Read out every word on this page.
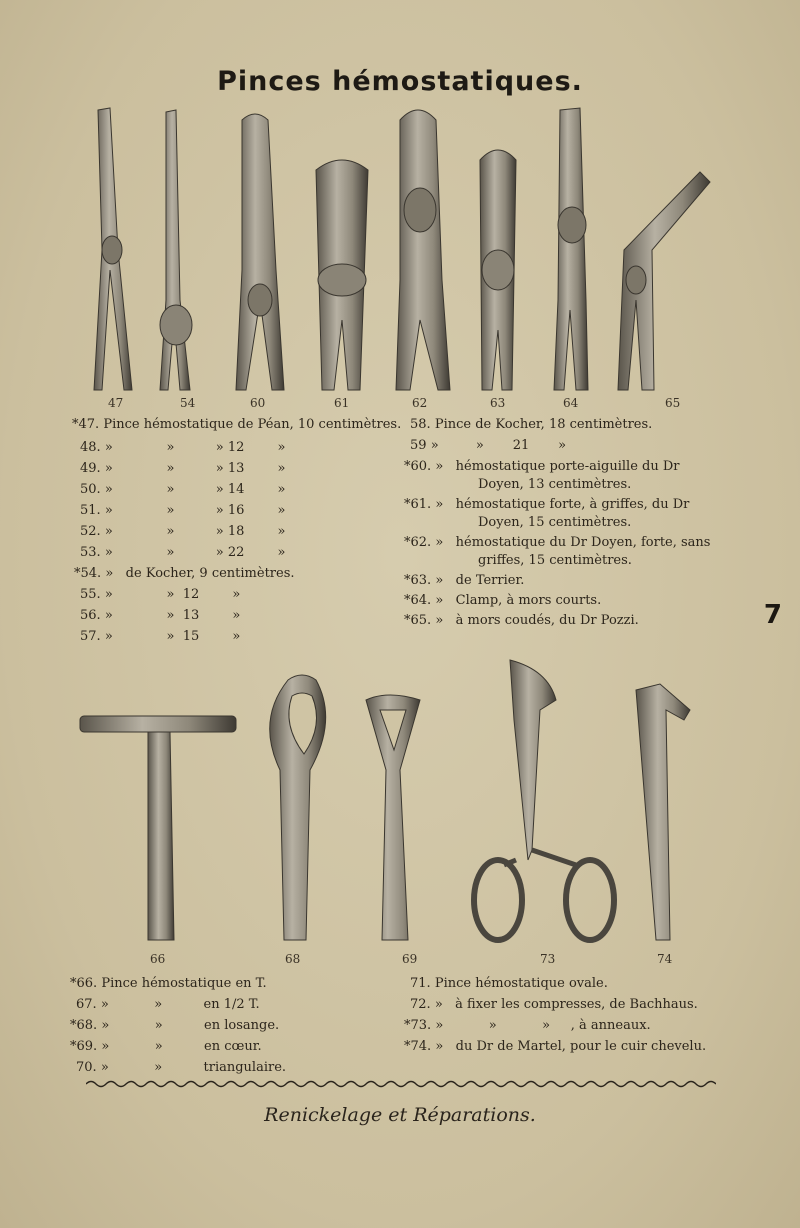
Pinces hémostatiques.
47	54	60	61	62	63	64	65
*47. Pince hémostatique de Péan, 10 centimètres.
48. »             »          » 12        »
49. »             »          » 13        »
50. »             »          » 14        »
51. »             »          » 16        »
52. »             »          » 18        »
53. »             »          » 22        »
*54. »   de Kocher, 9 centimètres.
55. »             »  12        »
56. »             »  13        »
57. »             »  15        »
58. Pince de Kocher, 18 centimètres.
59 »         »       21       »
*60. »   hémostatique porte-aiguille du Dr
Doyen, 13 centimètres.
*61. »   hémostatique forte, à griffes, du Dr
Doyen, 15 centimètres.
*62. »   hémostatique du Dr Doyen, forte, sans
griffes, 15 centimètres.
*63. »   de Terrier.
*64. »   Clamp, à mors courts.
*65. »   à mors coudés, du Dr Pozzi.	7
66	68	69	73	74
*66. Pince hémostatique en T.
67. »           »          en 1/2 T.
*68. »           »          en losange.
*69. »           »          en cœur.
70. »           »          triangulaire.
71. Pince hémostatique ovale.
72. »   à fixer les compresses, de Bachhaus.
*73. »           »           »     , à anneaux.
*74. »   du Dr de Martel, pour le cuir chevelu.
Renickelage et Réparations.
